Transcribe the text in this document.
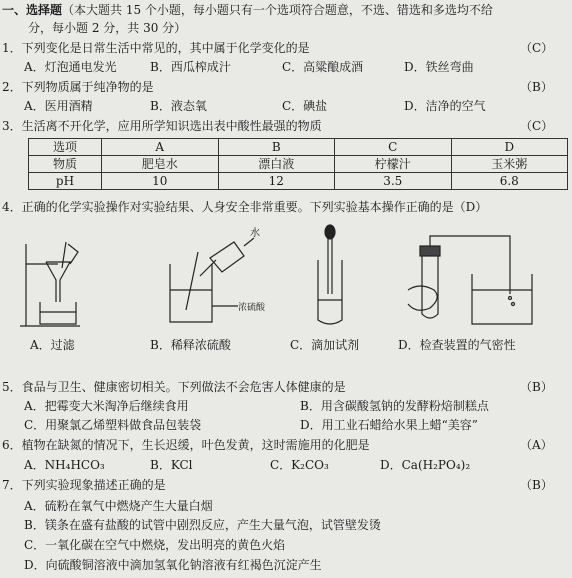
一、选择题（本大题共 15 个小题，每小题只有一个选项符合题意，不选、错选和多选均不给
分，每小题 2 分，共 30 分）
1．下列变化是日常生活中常见的，其中属于化学变化的是	（C）
A．灯泡通电发光	B．西瓜榨成汁	C．高粱酿成酒	D．铁丝弯曲
2．下列物质属于纯净物的是	（B）
A．医用酒精	B．液态氧	C．碘盐	D．洁净的空气
3．生活离不开化学，应用所学知识选出表中酸性最强的物质	（C）
选项	A	B	C	D
物质	肥皂水	漂白液	柠檬汁	玉米粥
pH	10	12	3.5	6.8
4．正确的化学实验操作对实验结果、人身安全非常重要。下列实验基本操作正确的是（D）
水
浓硫酸
A．过滤	B．稀释浓硫酸	C．滴加试剂	D．检查装置的气密性
5．食品与卫生、健康密切相关。下列做法不会危害人体健康的是	（B）
A．把霉变大米淘净后继续食用	B．用含碳酸氢钠的发酵粉焙制糕点
C．用聚氯乙烯塑料做食品包装袋	D．用工业石蜡给水果上蜡“美容”
6．植物在缺氮的情况下，生长迟缓，叶色发黄，这时需施用的化肥是	（A）
A．NH₄HCO₃	B．KCl	C．K₂CO₃	D．Ca(H₂PO₄)₂
7．下列实验现象描述正确的是	（B）
A．硫粉在氧气中燃烧产生大量白烟
B．镁条在盛有盐酸的试管中剧烈反应，产生大量气泡，试管壁发烫
C．一氧化碳在空气中燃烧，发出明亮的黄色火焰
D．向硫酸铜溶液中滴加氢氧化钠溶液有红褐色沉淀产生
